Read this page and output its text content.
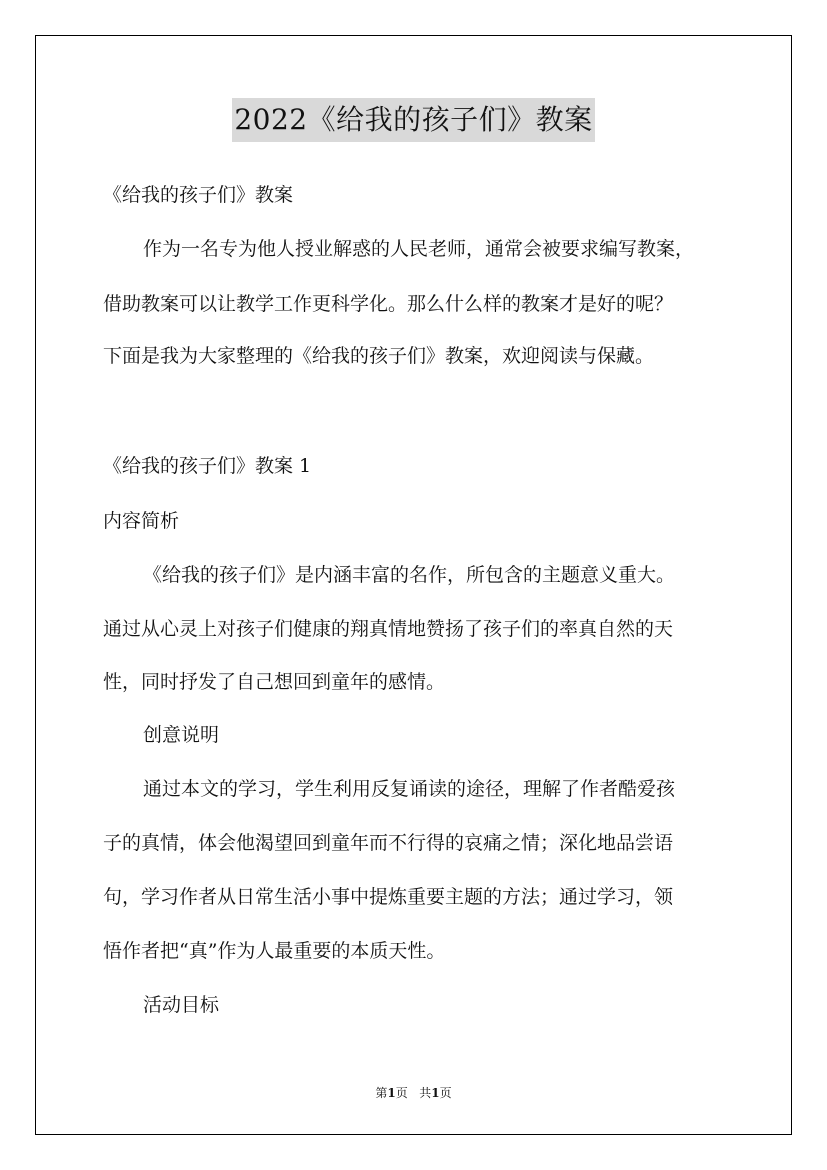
2022《给我的孩子们》教案
《给我的孩子们》教案
作为一名专为他人授业解惑的人民老师，通常会被要求编写教案，
借助教案可以让教学工作更科学化。那么什么样的教案才是好的呢？
下面是我为大家整理的《给我的孩子们》教案，欢迎阅读与保藏。
《给我的孩子们》教案 1
内容简析
《给我的孩子们》是内涵丰富的名作，所包含的主题意义重大。
通过从心灵上对孩子们健康的翔真情地赞扬了孩子们的率真自然的天
性，同时抒发了自己想回到童年的感情。
创意说明
通过本文的学习，学生利用反复诵读的途径，理解了作者酷爱孩
子的真情，体会他渴望回到童年而不行得的哀痛之情；深化地品尝语
句，学习作者从日常生活小事中提炼重要主题的方法；通过学习，领
悟作者把“真”作为人最重要的本质天性。
活动目标
第1页   共1页
